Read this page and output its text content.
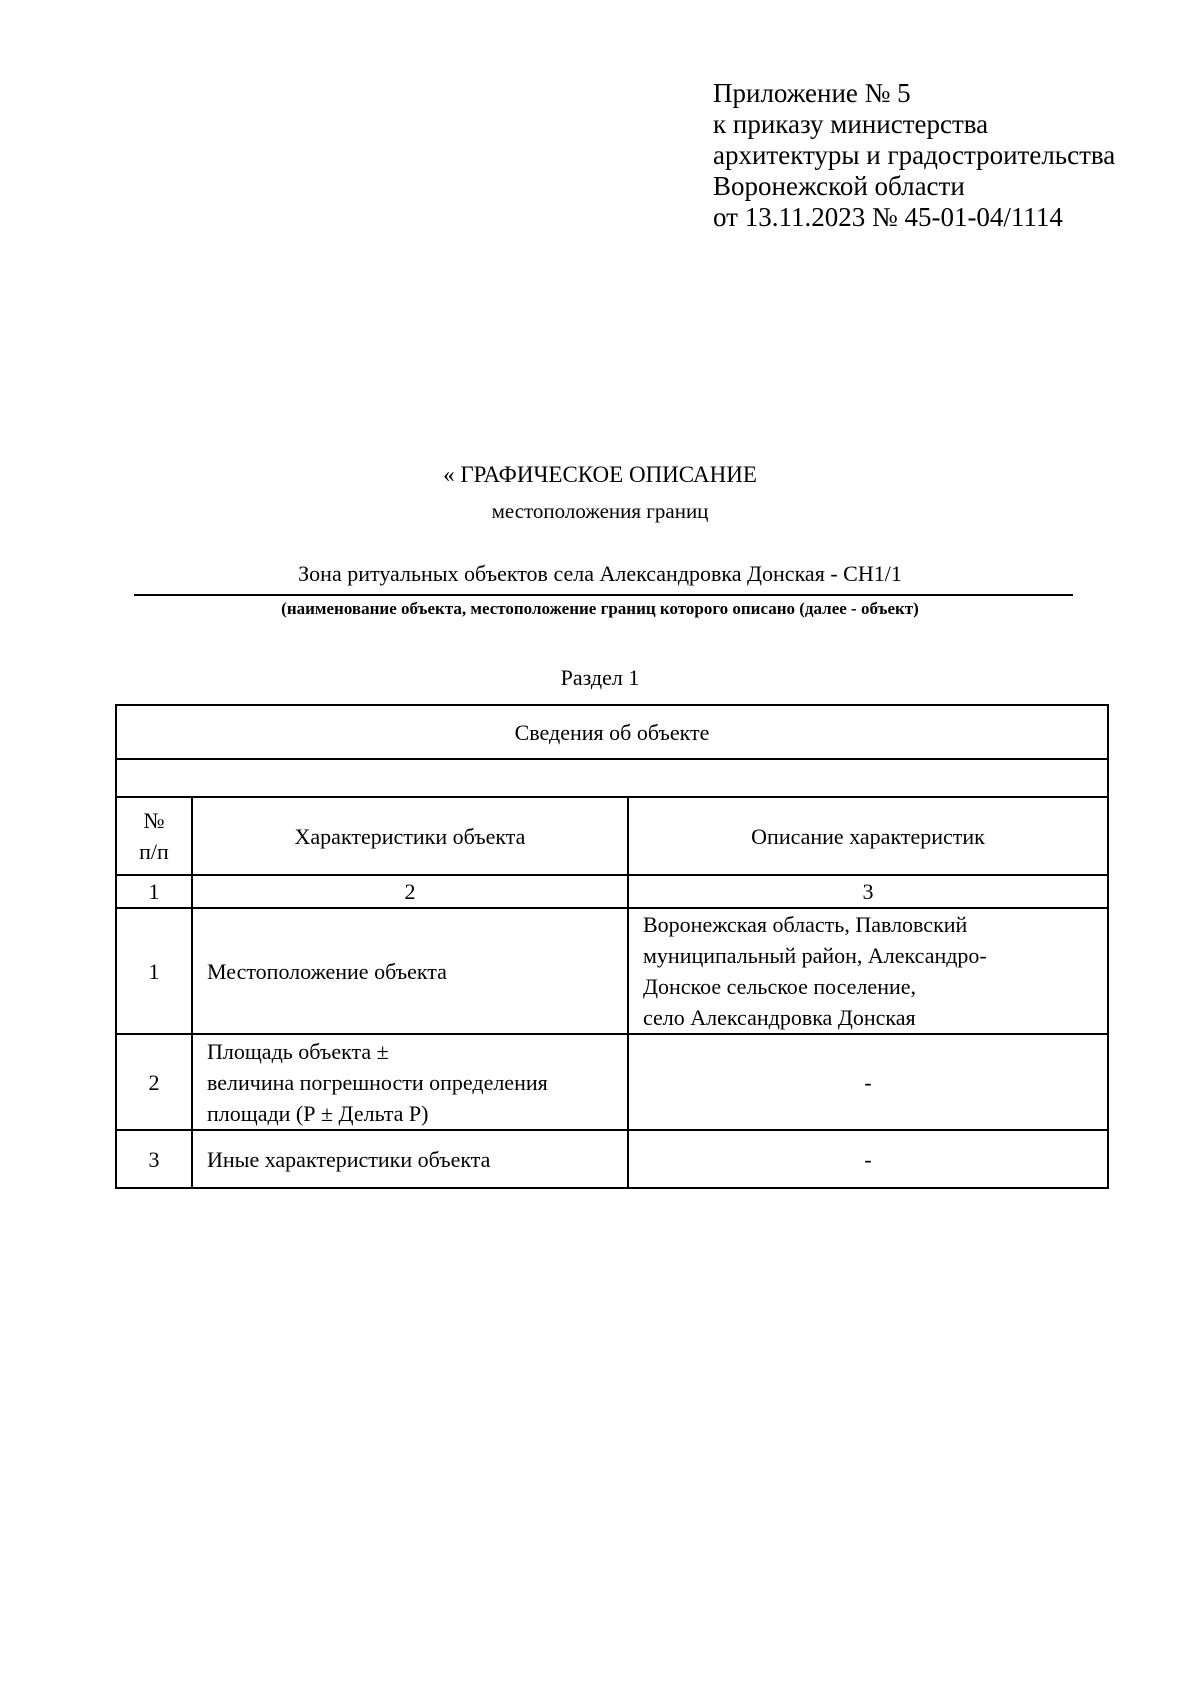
Приложение № 5
к приказу министерства
архитектуры и градостроительства
Воронежской области
от 13.11.2023 № 45-01-04/1114
« ГРАФИЧЕСКОЕ ОПИСАНИЕ
местоположения границ
Зона ритуальных объектов села Александровка Донская - СН1/1
(наименование объекта, местоположение границ которого описано (далее - объект)
Раздел 1
Сведения об объекте		

№
п/п	Характеристики объекта	Описание характеристик
1	2	3
1	Местоположение объекта	Воронежская область, Павловский
муниципальный район, Александро-
Донское сельское поселение,
село Александровка Донская

2	Площадь объекта ±
величина погрешности определения
площади (Р ± Дельта Р)	-

3	Иные характеристики объекта	-
